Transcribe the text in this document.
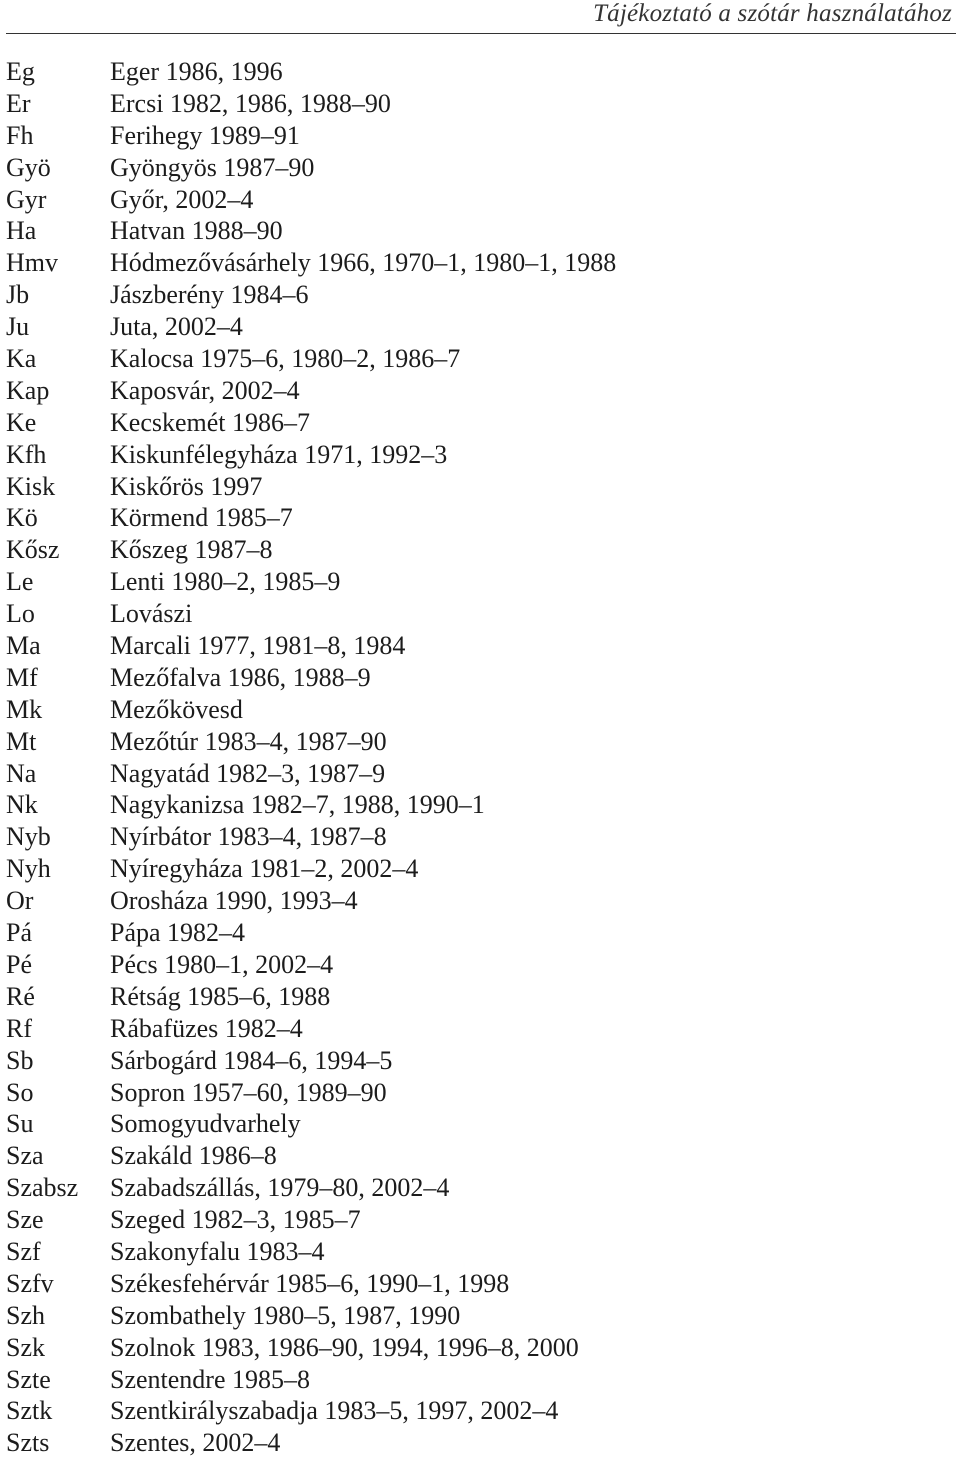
Tájékoztató a szótár használatához
Eg	Eger 1986, 1996
Er	Ercsi 1982, 1986, 1988–90
Fh	Ferihegy 1989–91
Gyö	Gyöngyös 1987–90
Gyr	Győr, 2002–4
Ha	Hatvan 1988–90
Hmv	Hódmezővásárhely 1966, 1970–1, 1980–1, 1988
Jb	Jászberény 1984–6
Ju	Juta, 2002–4
Ka	Kalocsa 1975–6, 1980–2, 1986–7
Kap	Kaposvár, 2002–4
Ke	Kecskemét 1986–7
Kfh	Kiskunfélegyháza 1971, 1992–3
Kisk	Kiskőrös 1997
Kö	Körmend 1985–7
Kősz	Kőszeg 1987–8
Le	Lenti 1980–2, 1985–9
Lo	Lovászi
Ma	Marcali 1977, 1981–8, 1984
Mf	Mezőfalva 1986, 1988–9
Mk	Mezőkövesd
Mt	Mezőtúr 1983–4, 1987–90
Na	Nagyatád 1982–3, 1987–9
Nk	Nagykanizsa 1982–7, 1988, 1990–1
Nyb	Nyírbátor 1983–4, 1987–8
Nyh	Nyíregyháza 1981–2, 2002–4
Or	Orosháza 1990, 1993–4
Pá	Pápa 1982–4
Pé	Pécs 1980–1, 2002–4
Ré	Rétság 1985–6, 1988
Rf	Rábafüzes 1982–4
Sb	Sárbogárd 1984–6, 1994–5
So	Sopron 1957–60, 1989–90
Su	Somogyudvarhely
Sza	Szakáld 1986–8
Szabsz	Szabadszállás, 1979–80, 2002–4
Sze	Szeged 1982–3, 1985–7
Szf	Szakonyfalu 1983–4
Szfv	Székesfehérvár 1985–6, 1990–1, 1998
Szh	Szombathely 1980–5, 1987, 1990
Szk	Szolnok 1983, 1986–90, 1994, 1996–8, 2000
Szte	Szentendre 1985–8
Sztk	Szentkirályszabadja 1983–5, 1997, 2002–4
Szts	Szentes, 2002–4
